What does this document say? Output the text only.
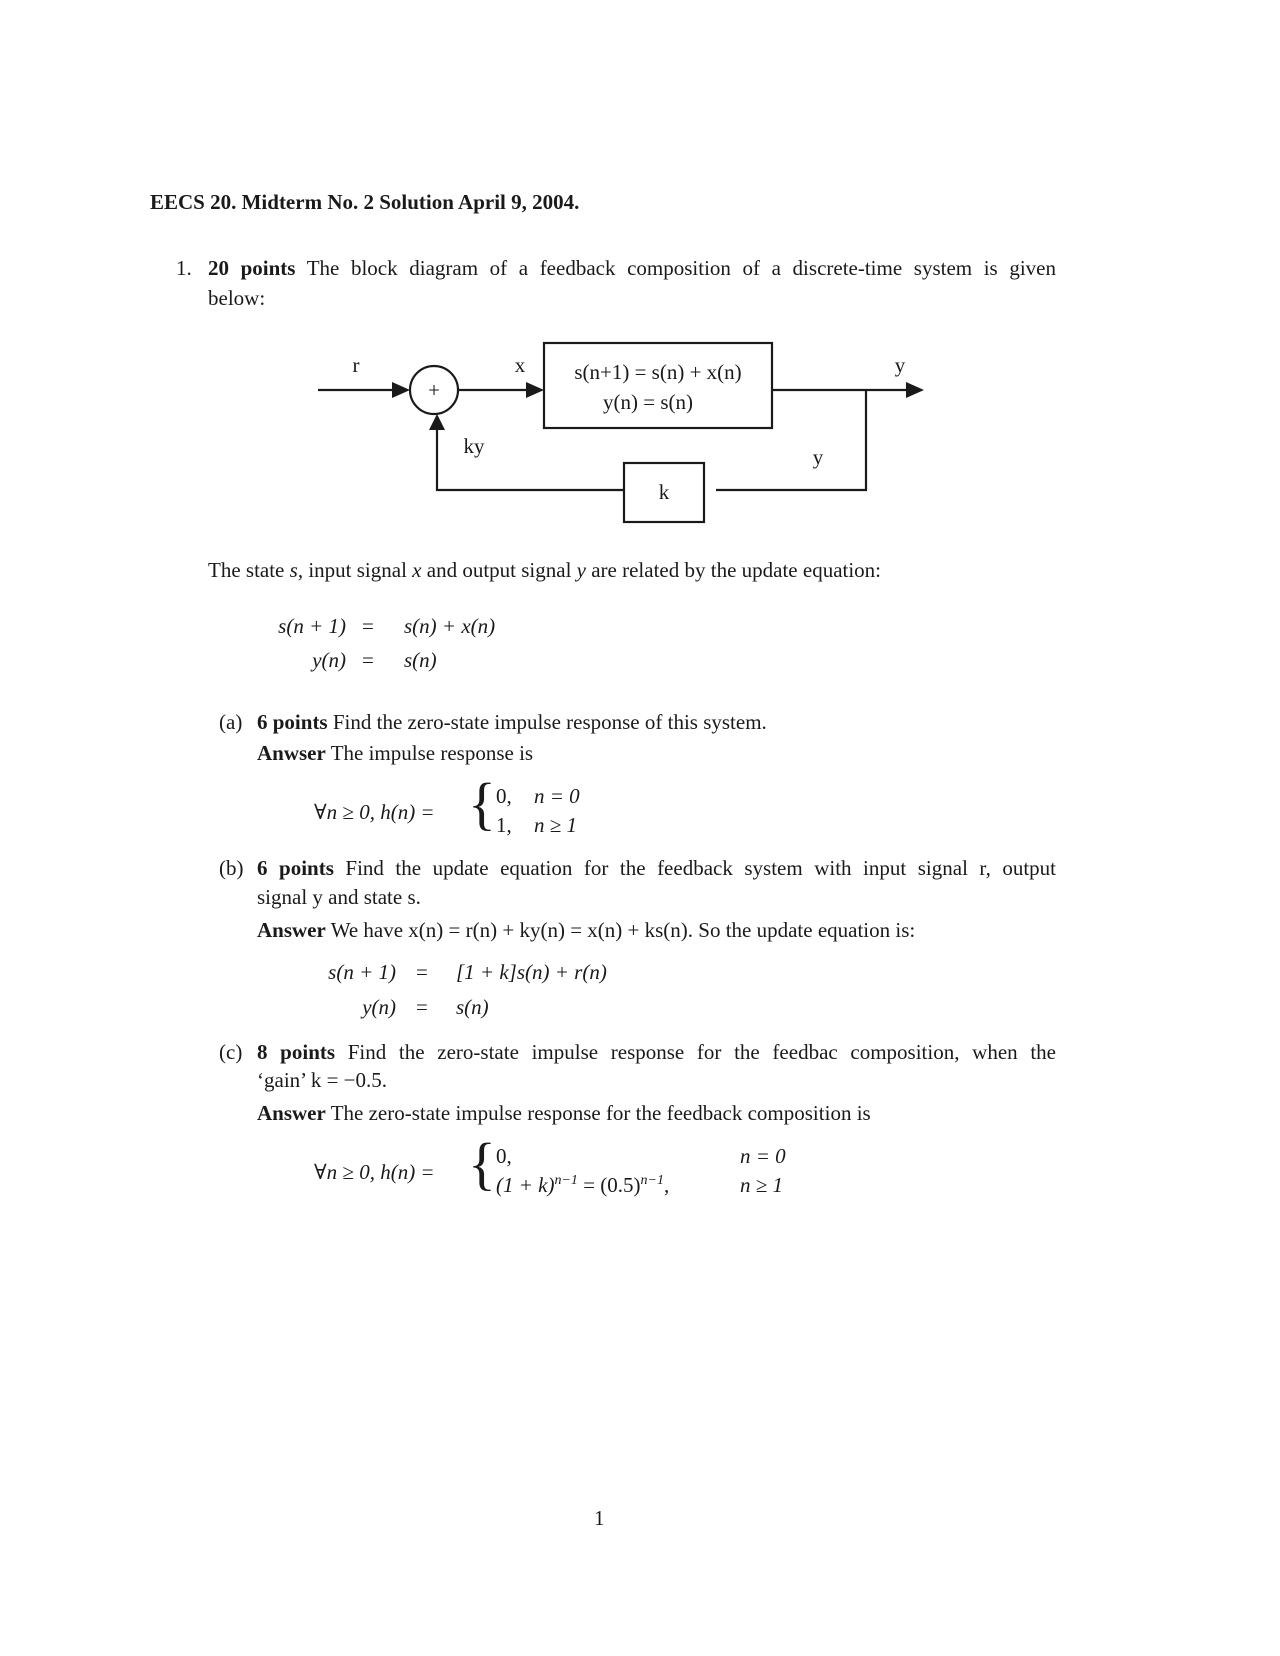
EECS 20. Midterm No. 2 Solution April 9, 2004.
1. 20 points The block diagram of a feedback composition of a discrete-time system is given
below:
+
s(n+1) = s(n) + x(n)
y(n) = s(n)
k
r	x	y
ky	y
The state s, input signal x and output signal y are related by the update equation:
s(n + 1) = s(n) + x(n)
y(n) = s(n)
(a) 6 points Find the zero-state impulse response of this system.
Anwser The impulse response is
∀n ≥ 0, h(n) = { 0, n = 0
1, n ≥ 1
(b) 6 points Find the update equation for the feedback system with input signal r, output
signal y and state s.
Answer We have x(n) = r(n) + ky(n) = x(n) + ks(n). So the update equation is:
s(n + 1) = [1 + k]s(n) + r(n)
y(n) = s(n)
(c) 8 points Find the zero-state impulse response for the feedbac composition, when the
‘gain’ k = −0.5.
Answer The zero-state impulse response for the feedback composition is
∀n ≥ 0, h(n) = { 0,	n = 0
$(1 + k)^{n-1} = (0.5)^{n-1}$,	n ≥ 1
1
